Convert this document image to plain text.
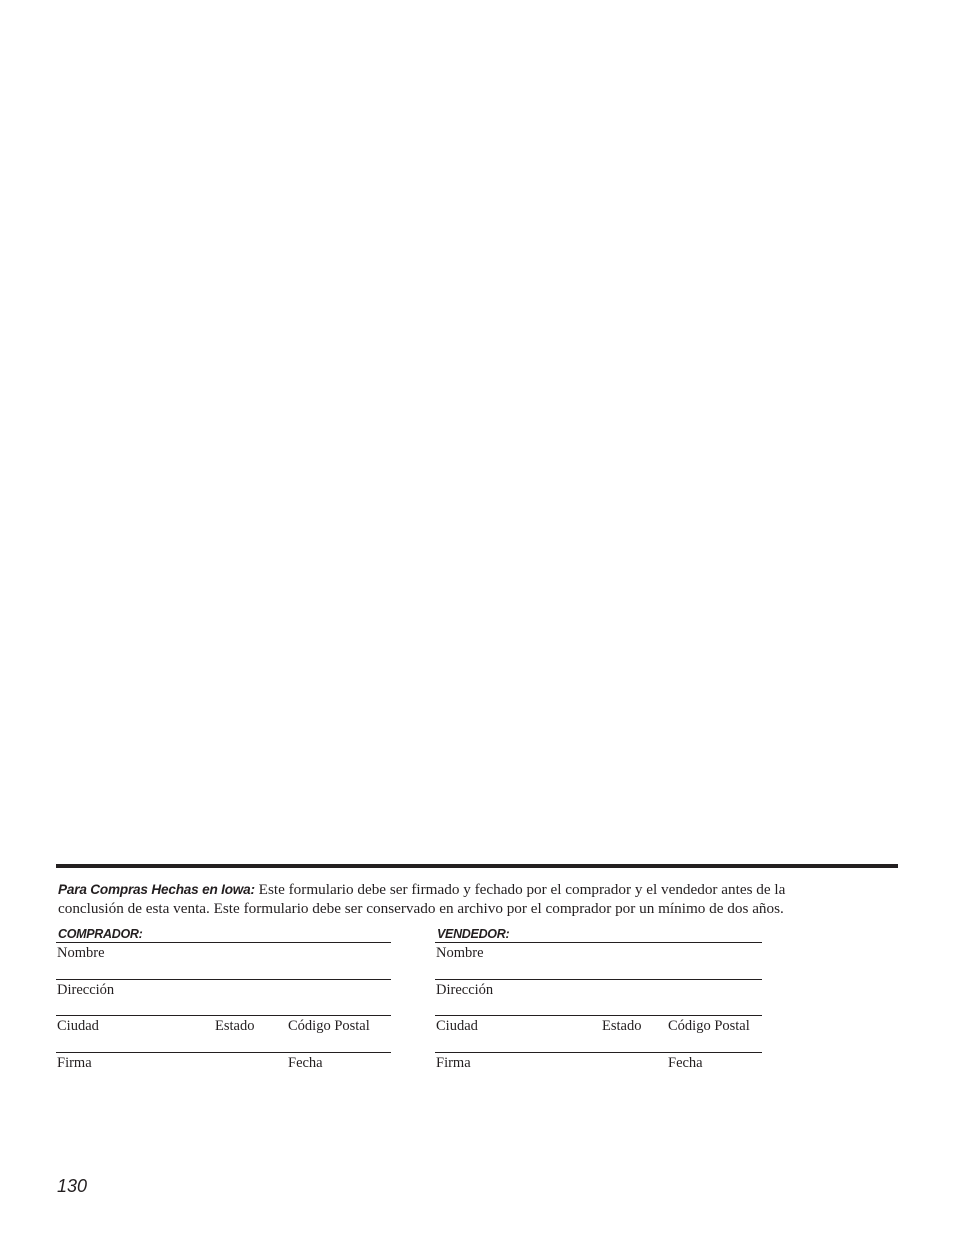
Para Compras Hechas en Iowa: Este formulario debe ser firmado y fechado por el comprador y el vendedor antes de la
conclusión de esta venta. Este formulario debe ser conservado en archivo por el comprador por un mínimo de dos años.
COMPRADOR:
Nombre
Dirección
Ciudad	Estado Código Postal
Firma	Fecha
VENDEDOR:
Nombre
Dirección
Ciudad	Estado Código Postal
Firma	Fecha
130
